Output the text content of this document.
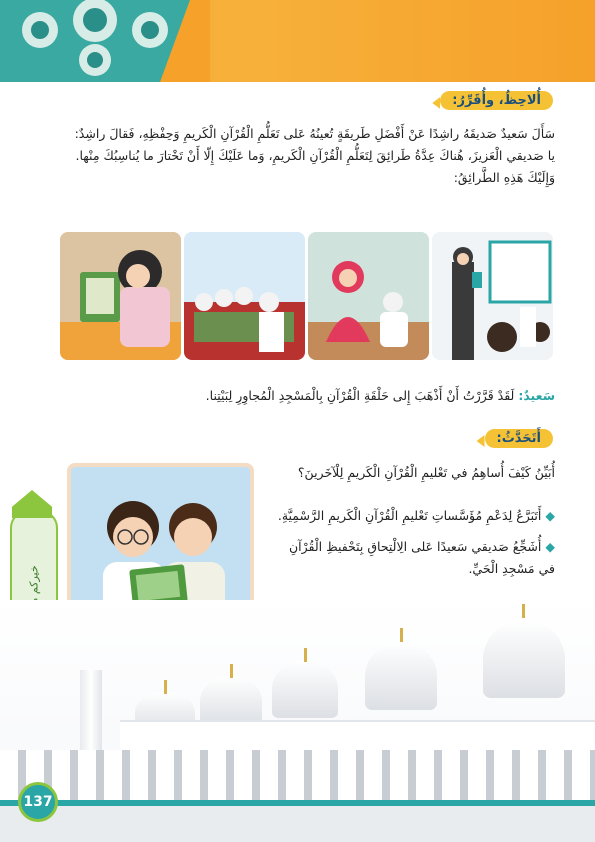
أُلاحِظُ، وأُقَرِّرُ:
سَأَلَ سَعيدٌ صَديقَهُ راشِدًا عَنْ أَفْضَلِ طَريقَةٍ تُعينُهُ عَلى تَعَلُّمِ الْقُرْآنِ الْكَريمِ وَحِفْظِهِ، فَقالَ راشِدٌ:
يا صَديقي الْعَزيزَ، هُناكَ عِدَّةُ طَرائِقَ لِتَعَلُّمِ الْقُرْآنِ الْكَريمِ، وَما عَلَيْكَ إِلّا أَنْ تَخْتارَ ما يُناسِبُكَ مِنْها.
وَإِلَيْكَ هَذِهِ الطَّرائِقُ:
سَعيدٌ: لَقَدْ قَرَّرْتُ أَنْ أَذْهَبَ إِلى حَلْقَةِ الْقُرْآنِ بِالْمَسْجِدِ الْمُجاوِرِ لِبَيْتِنا.
أَتَحَدَّثُ:
أُبَيِّنُ كَيْفَ أُساهِمُ في تَعْليمِ الْقُرْآنِ الْكَريمِ لِلْآخَرينَ؟
◆ أَتَبَرَّعُ لِدَعْمِ مُؤَسَّساتِ تَعْليمِ الْقُرْآنِ الْكَريمِ الرَّسْمِيَّةِ.
◆ أُشَجِّعُ صَديقي سَعيدًا عَلى الِالْتِحاقِ بِتَحْفيظِ الْقُرْآنِ
في مَسْجِدِ الْحَيِّ.
137
